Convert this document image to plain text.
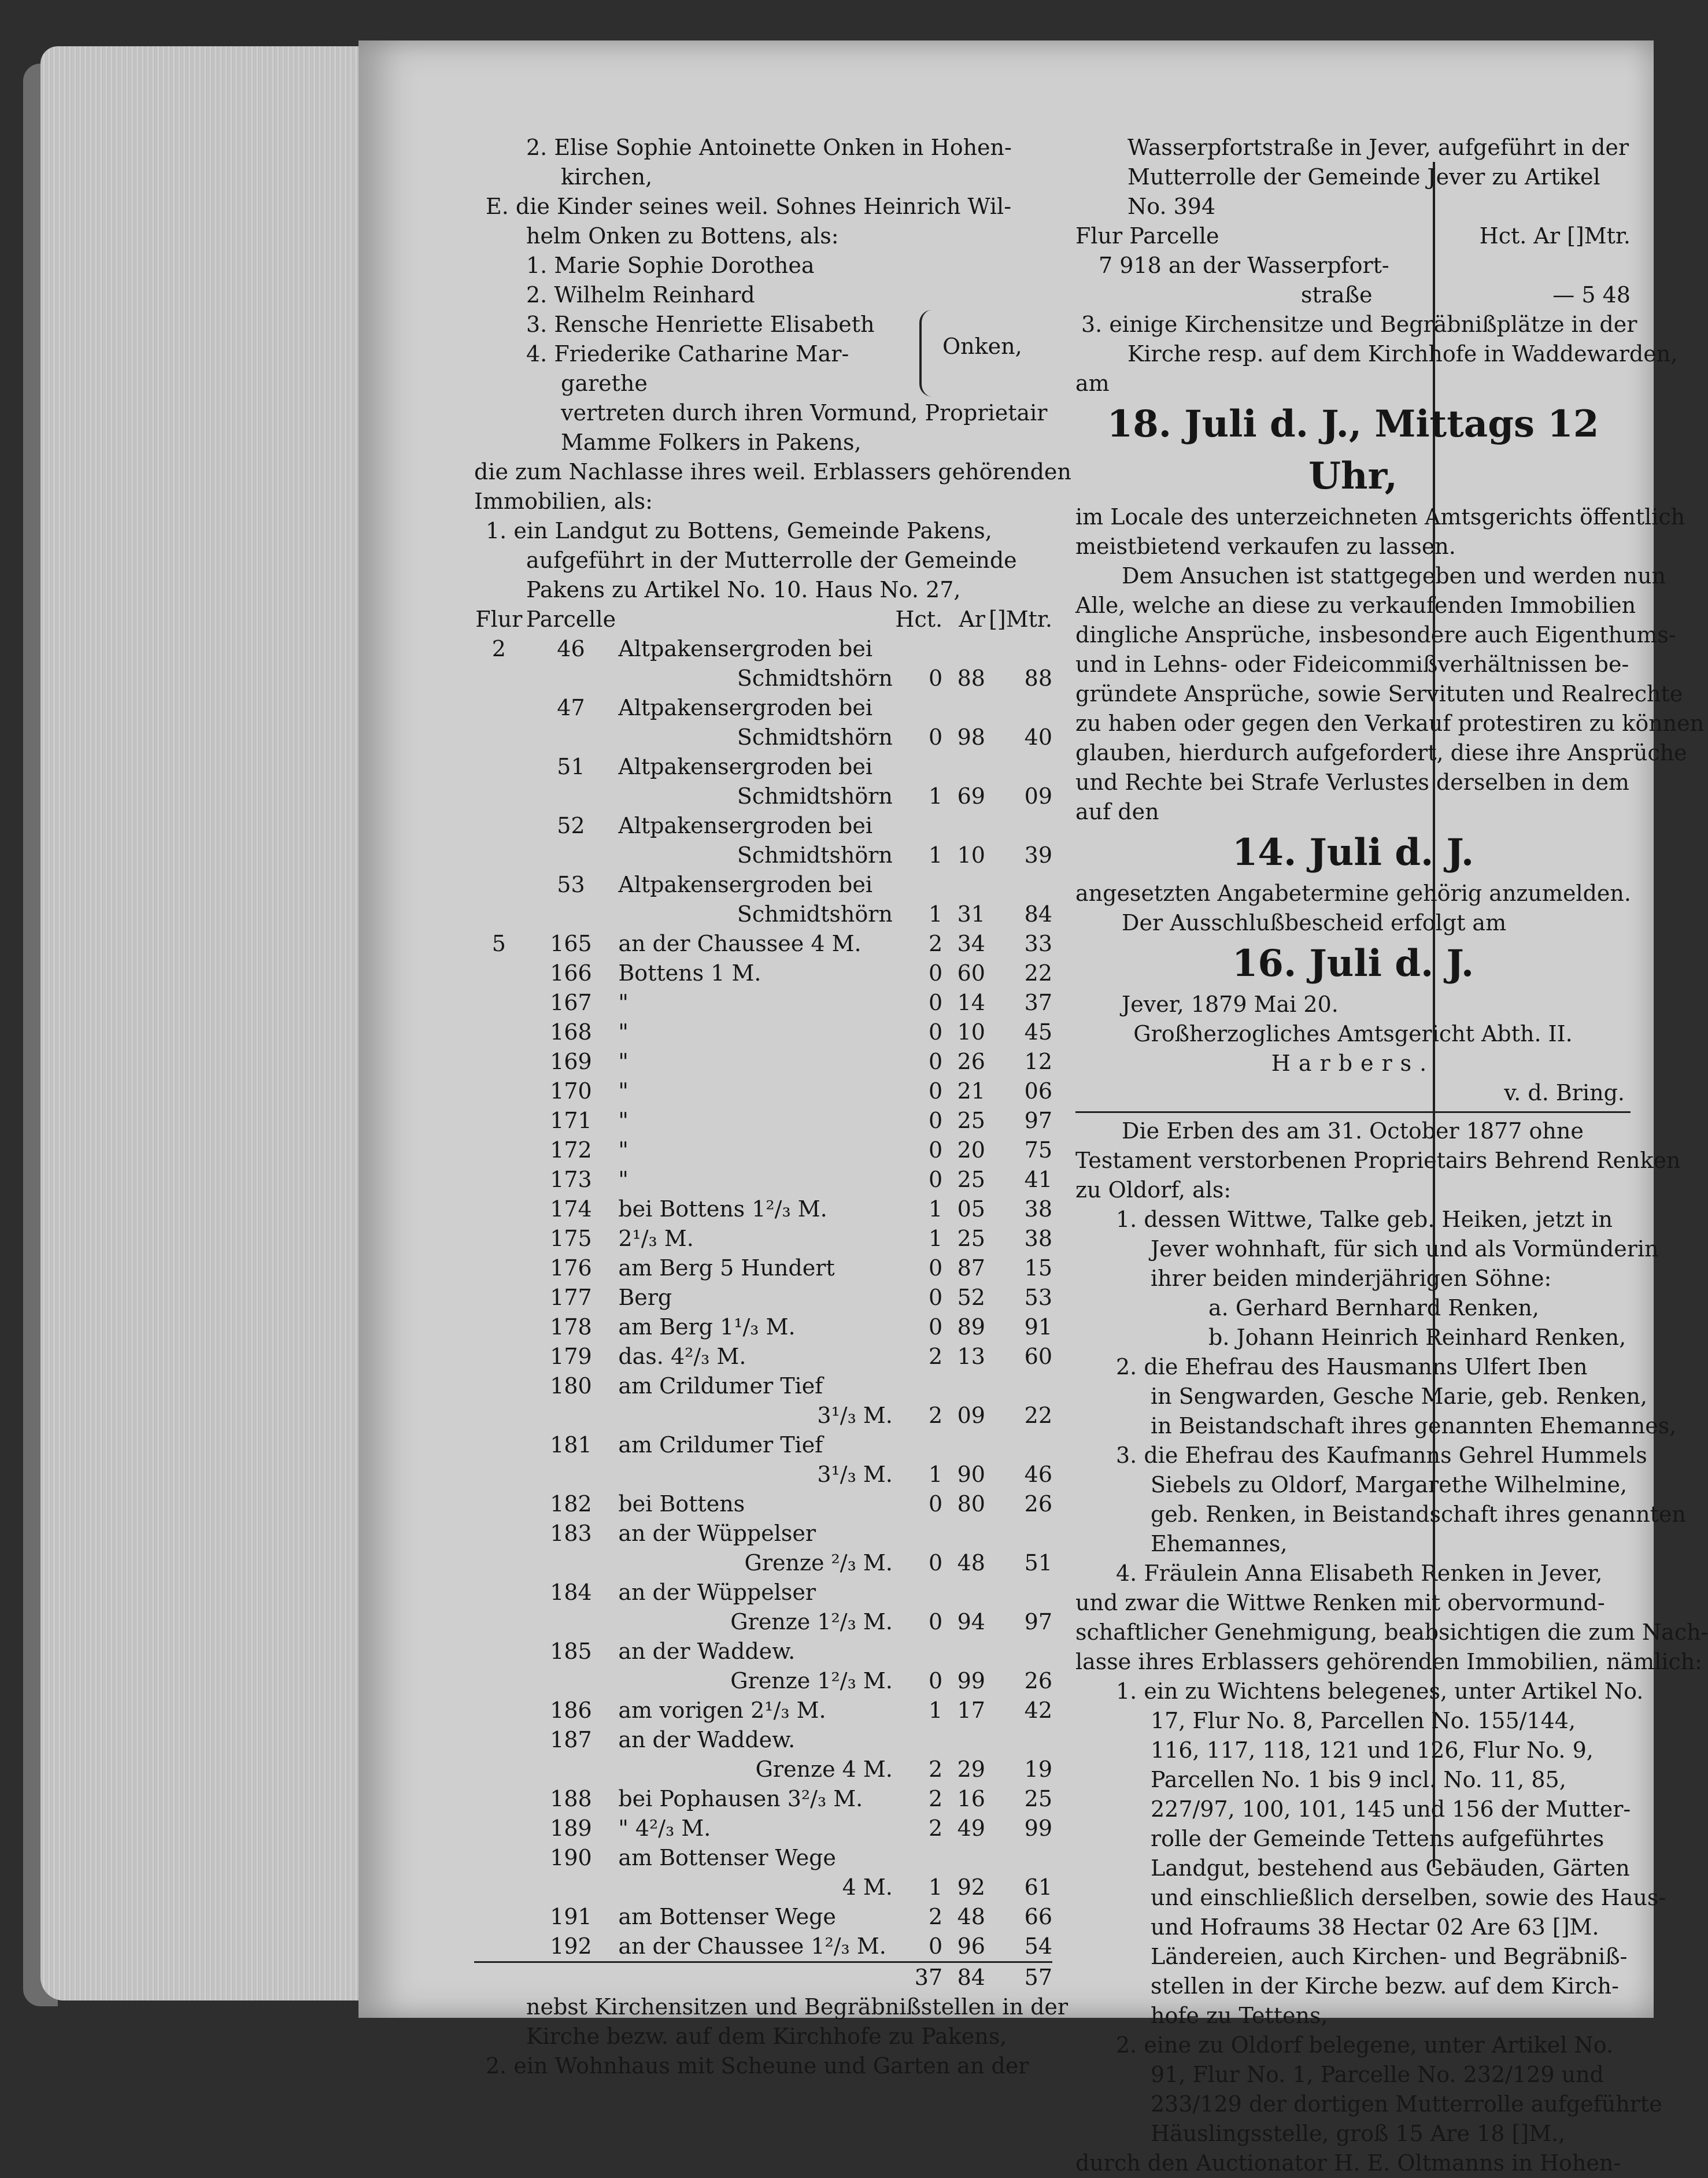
2. Elise Sophie Antoinette Onken in Hohen-
kirchen,
E. die Kinder seines weil. Sohnes Heinrich Wil-
helm Onken zu Bottens, als:
1. Marie Sophie Dorothea
2. Wilhelm Reinhard
3. Rensche Henriette Elisabeth
4. Friederike Catharine Mar-
garethe
Onken,
vertreten durch ihren Vormund, Proprietair
Mamme Folkers in Pakens,
die zum Nachlasse ihres weil. Erblassers gehörenden
Immobilien, als:
1. ein Landgut zu Bottens, Gemeinde Pakens,
aufgeführt in der Mutterrolle der Gemeinde
Pakens zu Artikel No. 10. Haus No. 27,
Flur	Parcelle		Hct.	Ar	[]Mtr.
2	46	Altpakensergroden bei			
		Schmidtshörn	0	88	88
	47	Altpakensergroden bei			
		Schmidtshörn	0	98	40
	51	Altpakensergroden bei			
		Schmidtshörn	1	69	09
	52	Altpakensergroden bei			
		Schmidtshörn	1	10	39
	53	Altpakensergroden bei			
		Schmidtshörn	1	31	84
5	165	an der Chaussee 4 M.	2	34	33
	166	Bottens 1 M.	0	60	22
	167	"	0	14	37
	168	"	0	10	45
	169	"	0	26	12
	170	"	0	21	06
	171	"	0	25	97
	172	"	0	20	75
	173	"	0	25	41
	174	bei Bottens 1²/₃ M.	1	05	38
	175	2¹/₃ M.	1	25	38
	176	am Berg 5 Hundert	0	87	15
	177	Berg	0	52	53
	178	am Berg 1¹/₃ M.	0	89	91
	179	das. 4²/₃ M.	2	13	60
	180	am Crildumer Tief			
		3¹/₃ M.	2	09	22
	181	am Crildumer Tief			
		3¹/₃ M.	1	90	46
	182	bei Bottens	0	80	26
	183	an der Wüppelser			
		Grenze ²/₃ M.	0	48	51
	184	an der Wüppelser			
		Grenze 1²/₃ M.	0	94	97
	185	an der Waddew.			
		Grenze 1²/₃ M.	0	99	26
	186	am vorigen 2¹/₃ M.	1	17	42
	187	an der Waddew.			
		Grenze 4 M.	2	29	19
	188	bei Pophausen 3²/₃ M.	2	16	25
	189	" 4²/₃ M.	2	49	99
	190	am Bottenser Wege			
		4 M.	1	92	61
	191	am Bottenser Wege	2	48	66
	192	an der Chaussee 1²/₃ M.	0	96	54
			37	84	57
nebst Kirchensitzen und Begräbnißstellen in der
Kirche bezw. auf dem Kirchhofe zu Pakens,
2. ein Wohnhaus mit Scheune und Garten an der
Wasserpfortstraße in Jever, aufgeführt in der
Mutterrolle der Gemeinde Jever zu Artikel
No. 394
Flur Parcelle	Hct. Ar []Mtr.
7 918 an der Wasserpfort-
straße	— 5 48
3. einige Kirchensitze und Begräbnißplätze in der
Kirche resp. auf dem Kirchhofe in Waddewarden,
am
18. Juli d. J., Mittags 12 Uhr,
im Locale des unterzeichneten Amtsgerichts öffentlich
meistbietend verkaufen zu lassen.
Dem Ansuchen ist stattgegeben und werden nun
Alle, welche an diese zu verkaufenden Immobilien
dingliche Ansprüche, insbesondere auch Eigenthums-
und in Lehns- oder Fideicommißverhältnissen be-
gründete Ansprüche, sowie Servituten und Realrechte
zu haben oder gegen den Verkauf protestiren zu können
glauben, hierdurch aufgefordert, diese ihre Ansprüche
und Rechte bei Strafe Verlustes derselben in dem
auf den
14. Juli d. J.
angesetzten Angabetermine gehörig anzumelden.
Der Ausschlußbescheid erfolgt am
16. Juli d. J.
Jever, 1879 Mai 20.
Großherzogliches Amtsgericht Abth. II.
Harbers.
v. d. Bring.
Die Erben des am 31. October 1877 ohne
Testament verstorbenen Proprietairs Behrend Renken
zu Oldorf, als:
1. dessen Wittwe, Talke geb. Heiken, jetzt in
Jever wohnhaft, für sich und als Vormünderin
ihrer beiden minderjährigen Söhne:
a. Gerhard Bernhard Renken,
b. Johann Heinrich Reinhard Renken,
2. die Ehefrau des Hausmanns Ulfert Iben
in Sengwarden, Gesche Marie, geb. Renken,
in Beistandschaft ihres genannten Ehemannes,
3. die Ehefrau des Kaufmanns Gehrel Hummels
Siebels zu Oldorf, Margarethe Wilhelmine,
geb. Renken, in Beistandschaft ihres genannten
Ehemannes,
4. Fräulein Anna Elisabeth Renken in Jever,
und zwar die Wittwe Renken mit obervormund-
schaftlicher Genehmigung, beabsichtigen die zum Nach-
lasse ihres Erblassers gehörenden Immobilien, nämlich:
1. ein zu Wichtens belegenes, unter Artikel No.
17, Flur No. 8, Parcellen No. 155/144,
116, 117, 118, 121 und 126, Flur No. 9,
Parcellen No. 1 bis 9 incl. No. 11, 85,
227/97, 100, 101, 145 und 156 der Mutter-
rolle der Gemeinde Tettens aufgeführtes
Landgut, bestehend aus Gebäuden, Gärten
und einschließlich derselben, sowie des Haus-
und Hofraums 38 Hectar 02 Are 63 []M.
Ländereien, auch Kirchen- und Begräbniß-
stellen in der Kirche bezw. auf dem Kirch-
hofe zu Tettens,
2. eine zu Oldorf belegene, unter Artikel No.
91, Flur No. 1, Parcelle No. 232/129 und
233/129 der dortigen Mutterrolle aufgeführte
Häuslingsstelle, groß 15 Are 18 []M.,
durch den Auctionator H. E. Oltmanns in Hohen-
